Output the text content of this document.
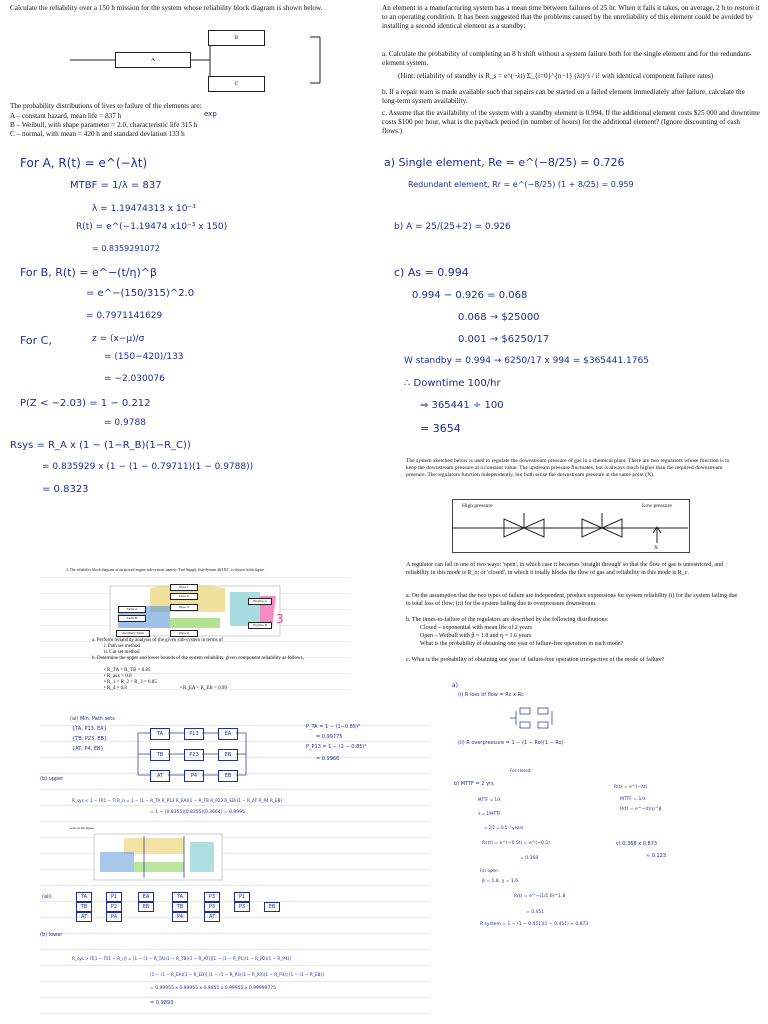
Calculate the reliability over a 150 h mission for the system whose reliability block diagram is shown below.
A
B
C
The probability distributions of lives to failure of the elements are:
A – constant hazard, mean life = 837 h	exp
B – Weibull, with shape parameter = 2.0, characteristic life 315 h
C – normal, with mean = 420 h and standard deviation 133 h
For A, R(t) = e^(−λt)
MTBF = 1/λ = 837
λ = 1.19474313 x 10⁻³
R(t) = e^(−1.19474 x10⁻³ x 150)
= 0.8359291072
For B, R(t) = e^−(t/η)^β
= e^−(150/315)^2.0
= 0.7971141629
For C,	z = (x−μ)/σ
= (150−420)/133
= −2.030076
P(Z < −2.03) = 1 − 0.212
= 0.9788
Rsys = R_A x (1 − (1−R_B)(1−R_C))
= 0.835929 x (1 − (1 − 0.79711)(1 − 0.9788))
= 0.8323
An element in a manufacturing system has a mean time between failures of 25 hr. When it fails it takes, on average, 2 h to restore it to an operating condition. It has been suggested that the problems caused by the unreliability of this element could be avoided by installing a second identical element as a standby:
a. Calculate the probability of completing an 8 h shift without a system failure both for the single element and for the redundant-element system.
(Hint: reliability of standby is R_s = e^(−λt) Σ_{i=0}^{n−1} (λt)^i / i! with identical component failure rates)
b. If a repair team is made available such that repairs can be started on a failed element immediately after failure, calculate the long-term system availability.
c. Assume that the availability of the system with a standby element is 0.994. If the additional element costs $25 000 and downtime costs $100 per hour, what is the payback period (in number of hours) for the additional element? (Ignore discounting of cash flows.)
a) Single element, Re = e^(−8/25) = 0.726
Redundant element, Rr = e^(−8/25) (1 + 8/25) = 0.959
b) A = 25/(25+2) = 0.926
c) As = 0.994
0.994 − 0.926 = 0.068
0.068 → $25000
0.001 → $6250/17
W standby = 0.994 → 6250/17 x 994 = $365441.1765
∴ Downtime 100/hr
⇒ 365441 ÷ 100
= 3654
The system sketched below is used to regulate the downstream pressure of gas in a chemical plant. There are two regulators whose function is to keep the downstream pressure at a constant value. The upstream pressure fluctuates, but is always much higher than the required downstream pressure. The regulators function independently, but both sense the downstream pressure at the same point (X).
High pressure	Low pressure
X
A regulator can fail in one of two ways: 'open', in which case it becomes 'straight through' so that the flow of gas is unrestricted, and reliability in this mode is R_o; or 'closed', in which it totally blocks the flow of gas and reliability in this mode is R_c.
a. On the assumption that the two types of failure are independent, produce expressions for system reliability (i) for the system failing due to total loss of flow; (ii) for the system failing due to overpressure downstream.
b. The times-to-failure of the regulators are described by the following distributions:
Closed – exponential with mean life of 2 years
Open – Weibull with β = 1.8 and η = 1.6 years
What is the probability of obtaining one year of failure-free operation in each mode?
c. What is the probability of obtaining one year of failure-free operation irrespective of the mode of failure?
a)
(i) R loss of flow = Rc x Rc
(ii) R overpressure = 1 − (1 − Ro)(1 − Ro)
For closed:
b) MTTF = 2 yrs
MTTF = 1/λ
λ = 1/MTTF
= 1/2 = 0.5⁻¹ years
Rc(t) = e^(−0.5t) = e^(−0.5)
= 0.368
For open:
β = 1.8, η = 1.6
R(t) = e^−(1/1.6)^1.8
= 0.451
R system = 1 − (1 − 0.451)(1 − 0.451) ≈ 0.873
R(t) = e^(−λt)
MTTF = 1/λ
R(t) = e^−(t/η)^β
c) 0.368 x 0.873
≈ 0.123
3. The reliability block diagram of an aircraft engine sub-system, namely 'Fuel Supply Sub-System #63-R1', is shown in the figure.
Pipe 1
Pipe 2
Pipe 3
Pipe 4
Tank A
Tank B
Auxiliary Tank
Engine A
Engine B 3
a. Perform reliability analysis of the given sub-system in terms of
i. Path set method
ii. Cut set method
b. Determine the upper and lower bounds of the system reliability, given component reliability as follows,
• R_TA = R_TB = 0.85
• R_aux = 0.8
• R_1 = R_2 = R_3 = 0.85
• R_4 = 0.8	• R_EA = R_EB = 0.99
(ai) Min. Path sets
{TA, P13, EA}
{TB, P23, EB}
{AT, P4, EB}
TA	P13	EA
TB	P23	EB
AT	P4	EB
P_TA = 1 − (1−0.85)³
= 0.99775
P_P13 = 1 − (1 − 0.85)³
= 0.9966
(b) upper
R_sys < 1 − Π(1 − Π R_i) = 1 − (1 − R_TA R_P13 R_EA)(1 − R_TB R_P23 R_EB)(1 − R_AT R_P4 R_EB)
= 1 − (0.8355)(0.8355)(0.3664) = 0.9995
seen in the figure
(aii)	TA
TB
AT
P1
P2
P4
EA
EB
TA
TB
P4
P3
P3
AT
P1
P3	EB
(b) lower
R_sys > Π[1 − Π(1 − R_i)] = [1 − (1 − R_TA)(1 − R_TB)(1 − R_AT)][1 − (1 − R_P1)(1 − R_P2)(1 − R_P4)]
[1 − (1 − R_EA)(1 − R_EB)] [1 − (1 − R_P3)(1 − R_P3)(1 − R_P3)] [1 − (1 − R_EB)]
= 0.99955 x 0.99955 x 0.9955 x 0.99955 x 0.99999775
= 0.9893
